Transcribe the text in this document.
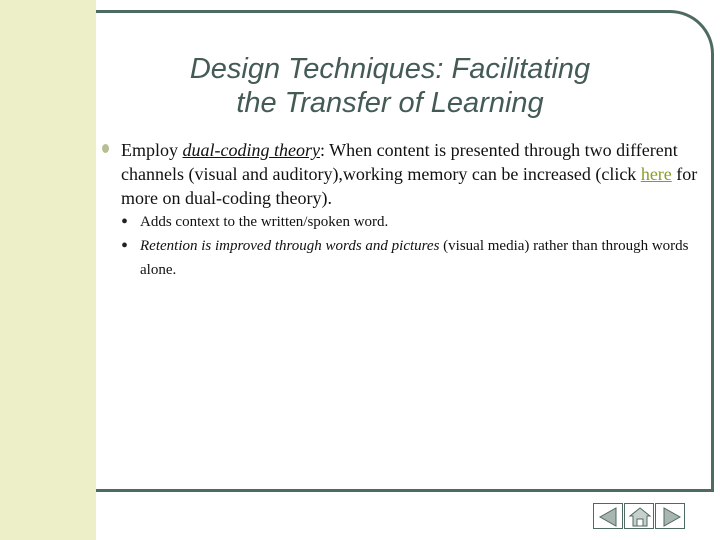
Design Techniques: Facilitating
the Transfer of Learning
Employ dual-coding theory: When content is presented through two different channels (visual and auditory),working memory can be increased (click here for more on dual-coding theory).
• Adds context to the written/spoken word.
• Retention is improved through words and pictures (visual media) rather than through words alone.
